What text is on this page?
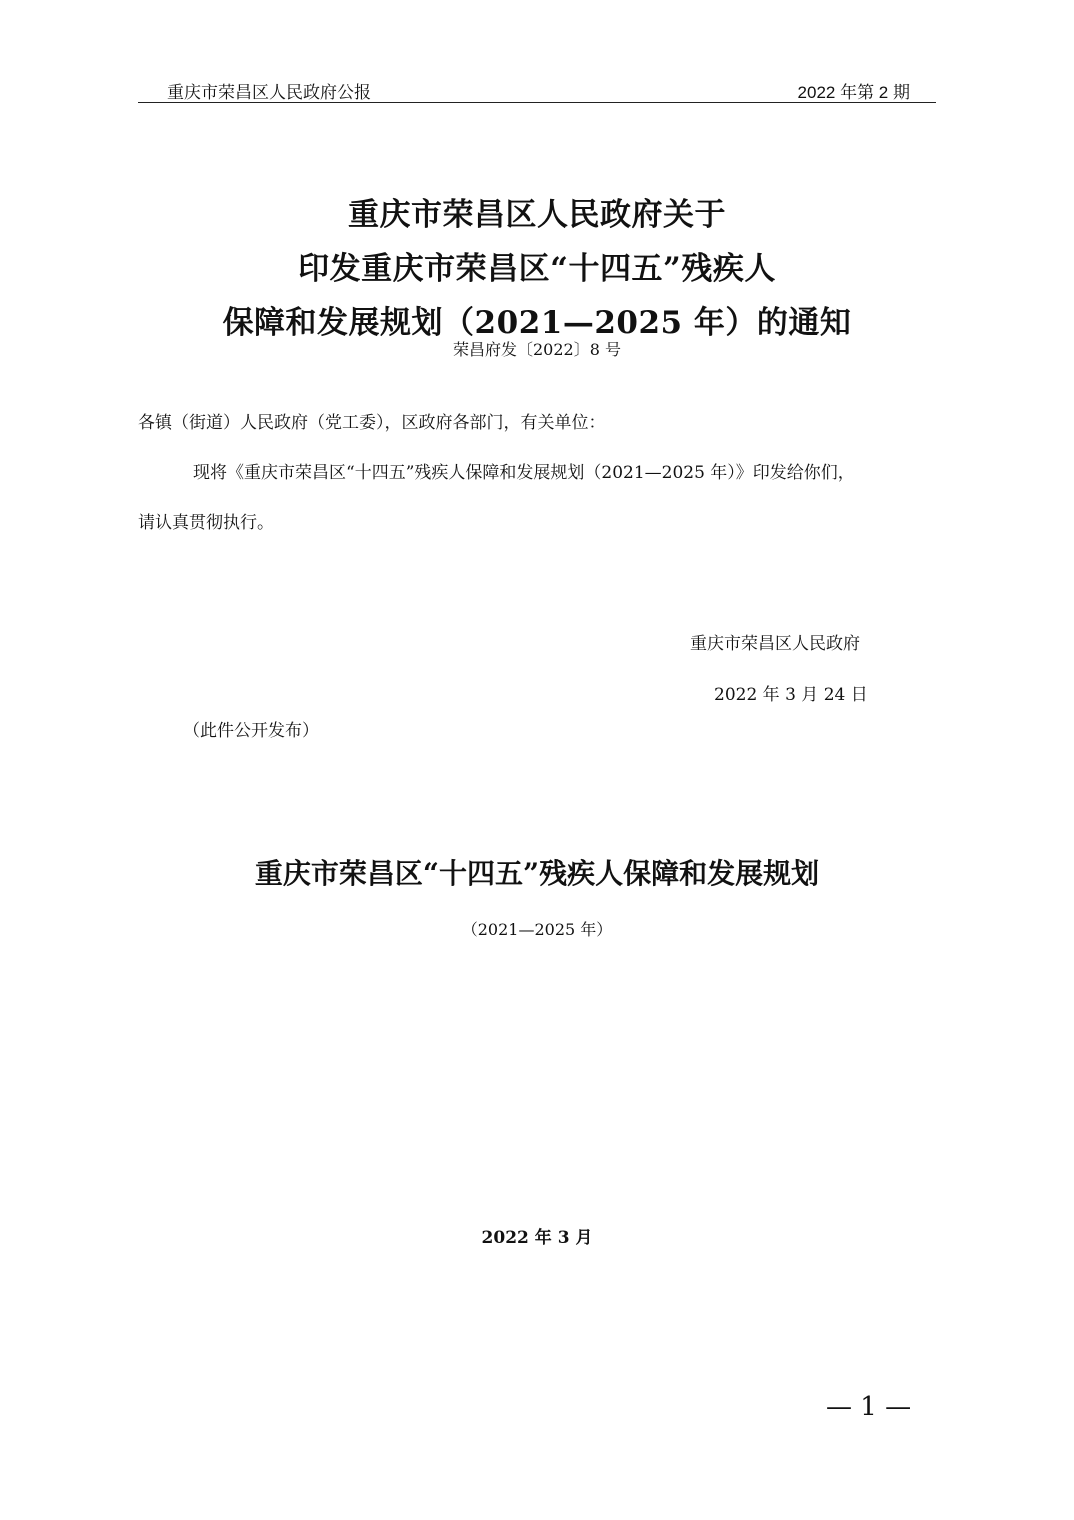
重庆市荣昌区人民政府公报	2022 年第 2 期
重庆市荣昌区人民政府关于
印发重庆市荣昌区“十四五”残疾人
保障和发展规划（2021—2025 年）的通知
荣昌府发〔2022〕8 号
各镇（街道）人民政府（党工委），区政府各部门，有关单位：
现将《重庆市荣昌区“十四五”残疾人保障和发展规划（2021—2025 年）》印发给你们，
请认真贯彻执行。
重庆市荣昌区人民政府
2022 年 3 月 24 日
（此件公开发布）
重庆市荣昌区“十四五”残疾人保障和发展规划
（2021—2025 年）
2022 年 3 月
— 1 —
